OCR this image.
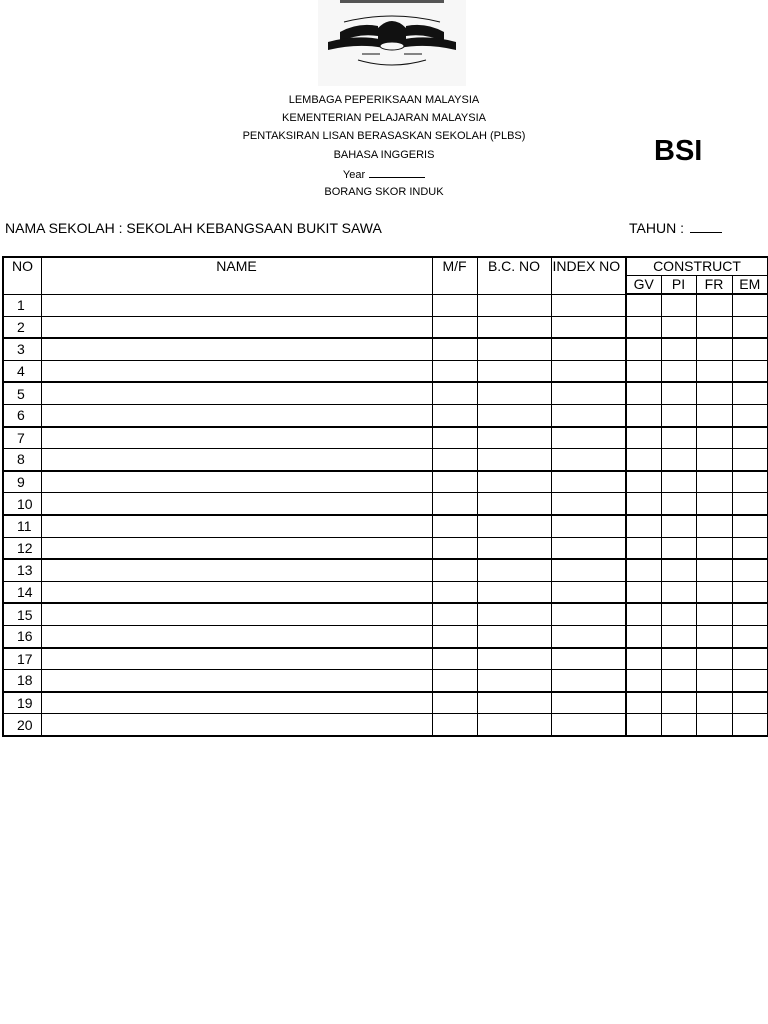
LEMBAGA PEPERIKSAAN MALAYSIA
KEMENTERIAN PELAJARAN MALAYSIA
PENTAKSIRAN LISAN BERASASKAN SEKOLAH (PLBS)
BAHASA INGGERIS
Year
BORANG SKOR INDUK
BSI
NAMA SEKOLAH : SEKOLAH KEBANGSAAN BUKIT SAWA	TAHUN :
NO	NAME	M/F	B.C. NO	INDEX NO	CONSTRUCT			
					GV	PI	FR	EM
1								
2								
3								
4								
5								
6								
7								
8								
9								
10								
11								
12								
13								
14								
15								
16								
17								
18								
19								
20								
